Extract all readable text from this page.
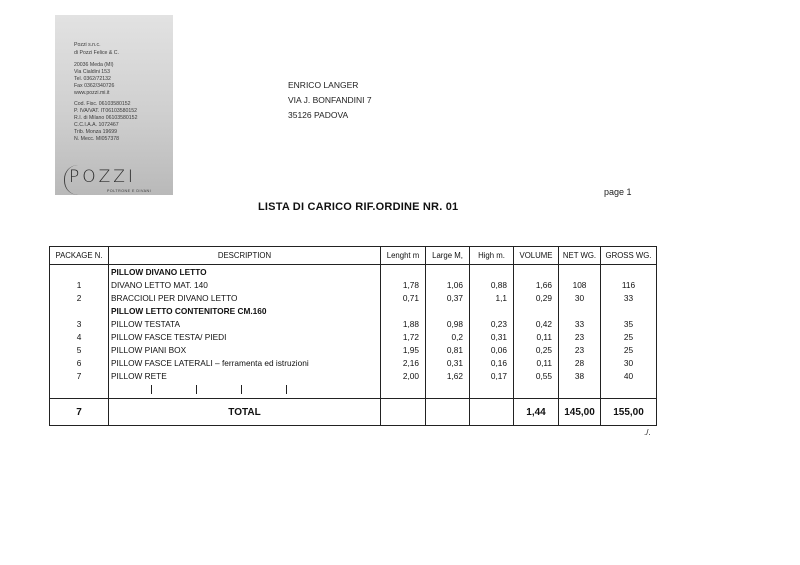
POZZI
POLTRONE E DIVANI
Pozzi s.n.c.
di Pozzi Felice & C.
20036 Meda (MI)
Via Cialdini 153
Tel. 0362/72132
Fax 0362/340726
www.pozzi.mi.it
Cod. Fisc. 06103580152
P. IVA/VAT. IT06103580152
R.I. di Milano 06103580152
C.C.I.A.A. 1072467
Trib. Monza 19699
N. Mecc. MI057378
ENRICO LANGER
VIA J. BONFANDINI 7
35126 PADOVA
page 1
LISTA DI CARICO RIF.ORDINE NR. 01
PACKAGE N.	DESCRIPTION	Lenght m	Large M,	High m.	VOLUME	NET WG.	GROSS WG.
	PILLOW DIVANO LETTO						
1	DIVANO LETTO MAT. 140	1,78	1,06	0,88	1,66	108	116
2	BRACCIOLI PER DIVANO LETTO	0,71	0,37	1,1	0,29	30	33
	PILLOW LETTO CONTENITORE CM.160						
3	PILLOW TESTATA	1,88	0,98	0,23	0,42	33	35
4	PILLOW FASCE TESTA/ PIEDI	1,72	0,2	0,31	0,11	23	25
5	PILLOW PIANI BOX	1,95	0,81	0,06	0,25	23	25
6	PILLOW FASCE LATERALI – ferramenta ed istruzioni	2,16	0,31	0,16	0,11	28	30
7	PILLOW RETE	2,00	1,62	0,17	0,55	38	40

7	TOTAL				1,44	145,00	155,00
./.
